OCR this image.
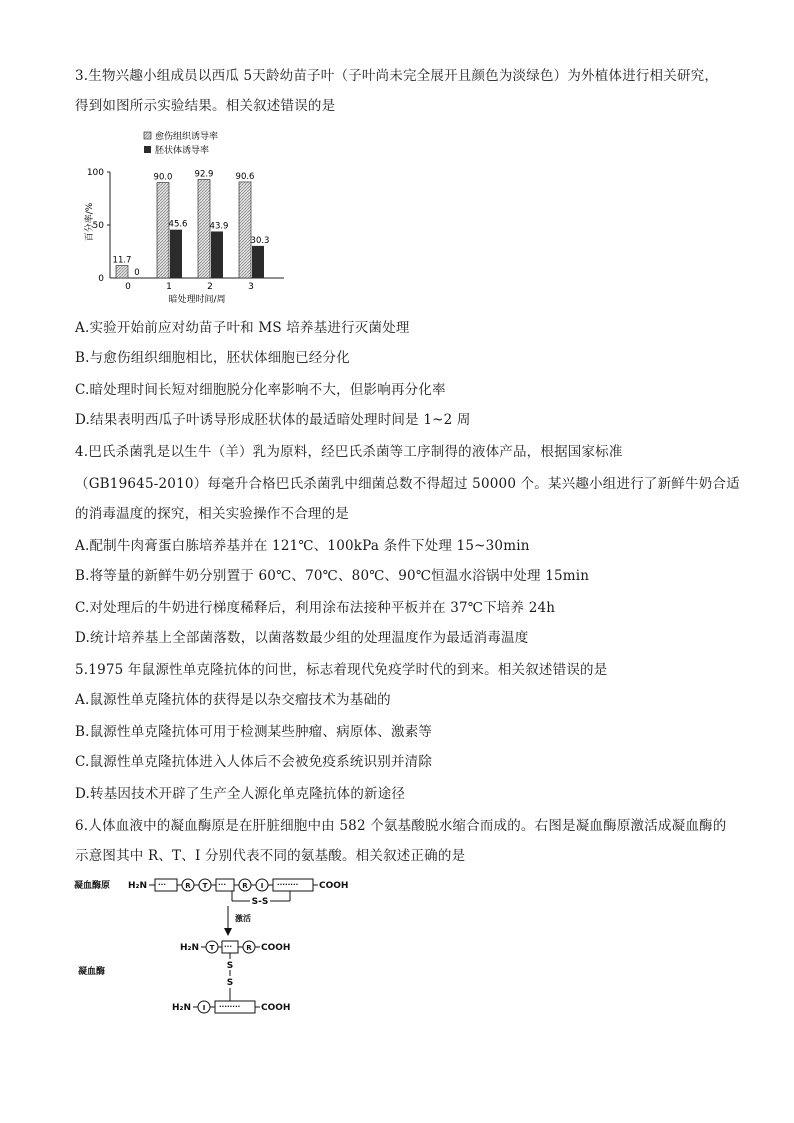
3.生物兴趣小组成员以西瓜 5天龄幼苗子叶（子叶尚未完全展开且颜色为淡绿色）为外植体进行相关研究，
得到如图所示实验结果。相关叙述错误的是
愈伤组织诱导率
胚状体诱导率
百分率/%
100
50
0
11.7
0
90.0
45.6
92.9
43.9
90.6
30.3
0	1	2	3
暗处理时间/周
A.实验开始前应对幼苗子叶和 MS 培养基进行灭菌处理
B.与愈伤组织细胞相比，胚状体细胞已经分化
C.暗处理时间长短对细胞脱分化率影响不大，但影响再分化率
D.结果表明西瓜子叶诱导形成胚状体的最适暗处理时间是 1~2 周
4.巴氏杀菌乳是以生牛（羊）乳为原料，经巴氏杀菌等工序制得的液体产品，根据国家标准
（GB19645-2010）每毫升合格巴氏杀菌乳中细菌总数不得超过 50000 个。某兴趣小组进行了新鲜牛奶合适
的消毒温度的探究，相关实验操作不合理的是
A.配制牛肉膏蛋白胨培养基并在 121℃、100kPa 条件下处理 15~30min
B.将等量的新鲜牛奶分别置于 60℃、70℃、80℃、90℃恒温水浴锅中处理 15min
C.对处理后的牛奶进行梯度稀释后，利用涂布法接种平板并在 37℃下培养 24h
D.统计培养基上全部菌落数，以菌落数最少组的处理温度作为最适消毒温度
5.1975 年鼠源性单克隆抗体的问世，标志着现代免疫学时代的到来。相关叙述错误的是
A.鼠源性单克隆抗体的获得是以杂交瘤技术为基础的
B.鼠源性单克隆抗体可用于检测某些肿瘤、病原体、激素等
C.鼠源性单克隆抗体进入人体后不会被免疫系统识别并清除
D.转基因技术开辟了生产全人源化单克隆抗体的新途径
6.人体血液中的凝血酶原是在肝脏细胞中由 582 个氨基酸脱水缩合而成的。右图是凝血酶原激活成凝血酶的
示意图其中 R、T、I 分别代表不同的氨基酸。相关叙述正确的是
凝血酶原 H₂N ···	R T ··· R I ········ COOH
S-S
激活
H₂N T ··· R COOH
S
S
凝血酶
H₂N I ········ COOH
